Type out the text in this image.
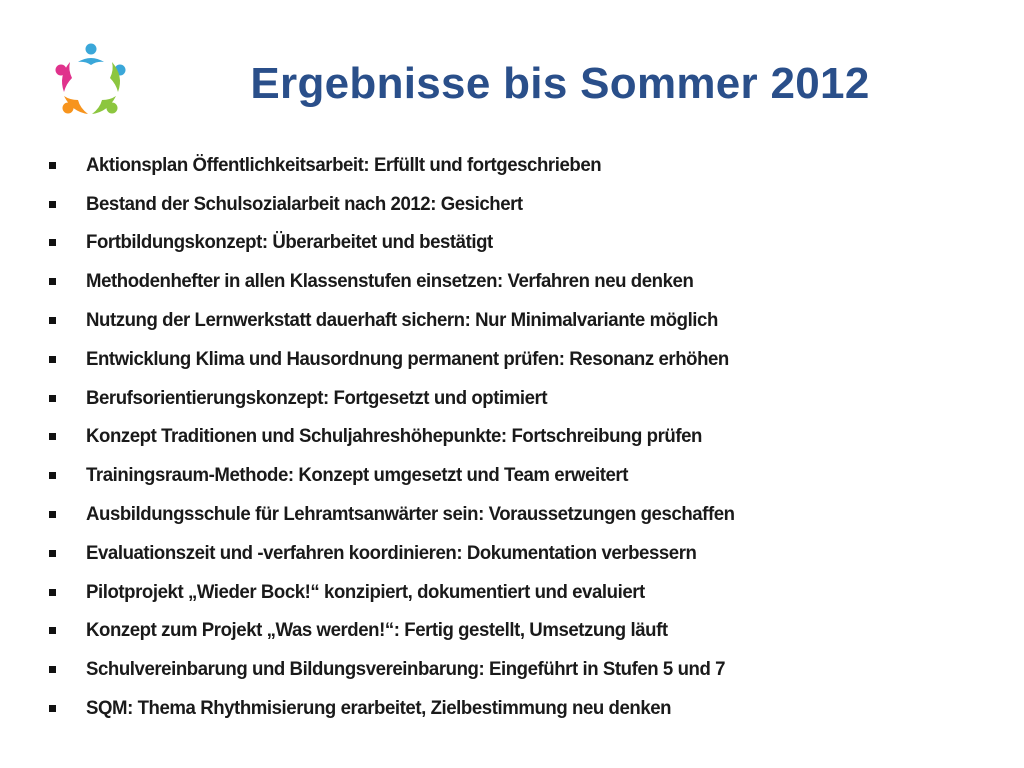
Ergebnisse bis Sommer 2012
Aktionsplan Öffentlichkeitsarbeit: Erfüllt und fortgeschrieben
Bestand der Schulsozialarbeit nach 2012: Gesichert
Fortbildungskonzept: Überarbeitet und bestätigt
Methodenhefter in allen Klassenstufen einsetzen: Verfahren neu denken
Nutzung der Lernwerkstatt dauerhaft sichern: Nur Minimalvariante möglich
Entwicklung Klima und Hausordnung permanent prüfen: Resonanz erhöhen
Berufsorientierungskonzept: Fortgesetzt und optimiert
Konzept Traditionen und Schuljahreshöhepunkte: Fortschreibung prüfen
Trainingsraum-Methode: Konzept umgesetzt und Team erweitert
Ausbildungsschule für Lehramtsanwärter sein: Voraussetzungen geschaffen
Evaluationszeit und -verfahren koordinieren: Dokumentation verbessern
Pilotprojekt „Wieder Bock!“ konzipiert, dokumentiert und evaluiert
Konzept zum Projekt „Was werden!“: Fertig gestellt, Umsetzung läuft
Schulvereinbarung und Bildungsvereinbarung: Eingeführt in Stufen 5 und 7
SQM: Thema Rhythmisierung erarbeitet, Zielbestimmung neu denken
